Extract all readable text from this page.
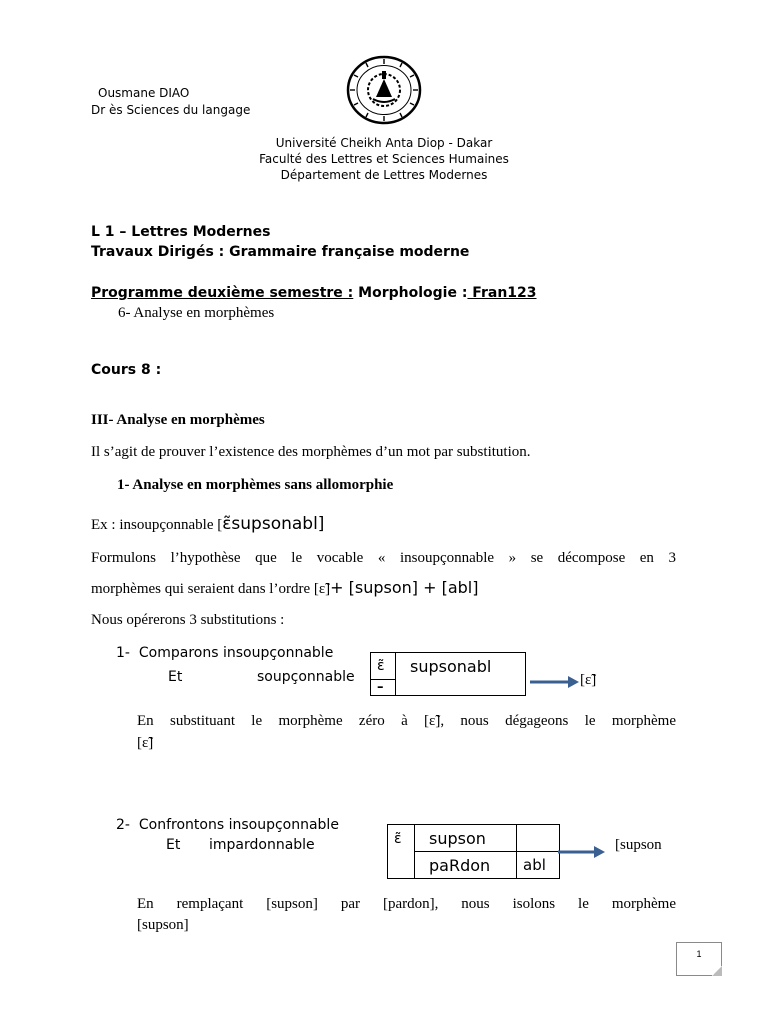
Ousmane DIAO
Dr ès Sciences du langage
Université Cheikh Anta Diop - Dakar
Faculté des Lettres et Sciences Humaines
Département de Lettres Modernes
L 1 – Lettres Modernes
Travaux Dirigés : Grammaire française moderne
Programme deuxième semestre : Morphologie : Fran123
6- Analyse en morphèmes
Cours 8 :
III- Analyse en morphèmes
Il s’agit de prouver l’existence des morphèmes d’un mot par substitution.
1- Analyse en morphèmes sans allomorphie
Ex : insoupçonnable [ɛ̃supsonabl]
Formulons l’hypothèse que le vocable « insoupçonnable » se décompose en 3
morphèmes qui seraient dans l’ordre [ɛ̃]+ [supson] + [abl]
Nous opérerons 3 substitutions :
1- Comparons insoupçonnable
Et	soupçonnable
ɛ̃	supsonabl
–	[ɛ̃]
En substituant le morphème zéro à [ɛ̃], nous dégageons le morphème
[ɛ̃]
2- Confrontons insoupçonnable
Et impardonnable	ɛ̃	supson	
	paRdon	abl
[supson
En remplaçant [supson] par [pardon], nous isolons le morphème
[supson]
1
